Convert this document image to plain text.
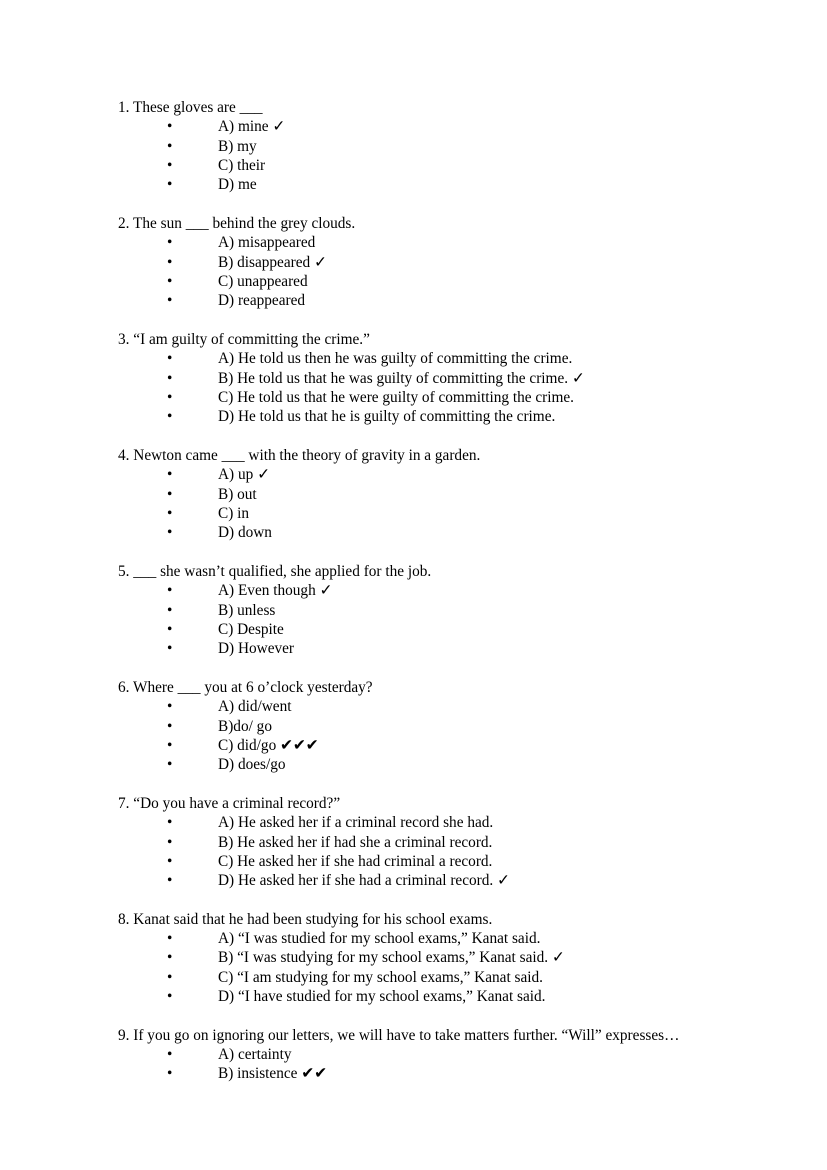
1. These gloves are ___
•	A) mine ✓
•	B) my
•	C) their
•	D) me
2. The sun ___ behind the grey clouds.
•	A) misappeared
•	B) disappeared ✓
•	C) unappeared
•	D) reappeared
3. “I am guilty of committing the crime.”
•	A) He told us then he was guilty of committing the crime.
•	B) He told us that he was guilty of committing the crime. ✓
•	C) He told us that he were guilty of committing the crime.
•	D) He told us that he is guilty of committing the crime.
4. Newton came ___ with the theory of gravity in a garden.
•	A) up ✓
•	B) out
•	C) in
•	D) down
5. ___ she wasn’t qualified, she applied for the job.
•	A) Even though ✓
•	B) unless
•	C) Despite
•	D) However
6. Where ___ you at 6 o’clock yesterday?
•	A) did/went
•	B)do/ go
•	C) did/go ✔✔✔
•	D) does/go
7. “Do you have a criminal record?”
•	A) He asked her if a criminal record she had.
•	B) He asked her if had she a criminal record.
•	C) He asked her if she had criminal a record.
•	D) He asked her if she had a criminal record. ✓
8. Kanat said that he had been studying for his school exams.
•	A) “I was studied for my school exams,” Kanat said.
•	B) “I was studying for my school exams,” Kanat said. ✓
•	C) “I am studying for my school exams,” Kanat said.
•	D) “I have studied for my school exams,” Kanat said.
9. If you go on ignoring our letters, we will have to take matters further. “Will” expresses…
•	A) certainty
•	B) insistence ✔✔
